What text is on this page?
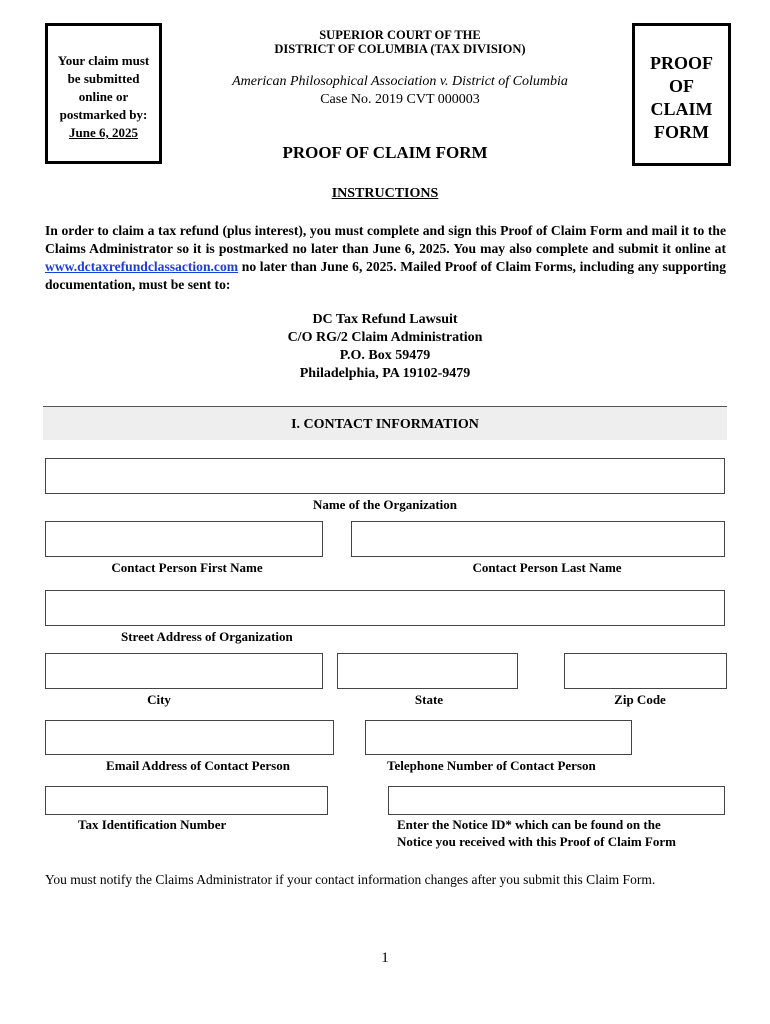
Your claim must
be submitted
online or
postmarked by:
June 6, 2025
SUPERIOR COURT OF THE
DISTRICT OF COLUMBIA (TAX DIVISION)
American Philosophical Association v. District of Columbia
Case No. 2019 CVT 000003
PROOF
OF
CLAIM
FORM
PROOF OF CLAIM FORM
INSTRUCTIONS
In order to claim a tax refund (plus interest), you must complete and sign this Proof of Claim Form and mail it to the Claims Administrator so it is postmarked no later than June 6, 2025. You may also complete and submit it online at www.dctaxrefundclassaction.com no later than June 6, 2025. Mailed Proof of Claim Forms, including any supporting documentation, must be sent to:
DC Tax Refund Lawsuit
C/O RG/2 Claim Administration
P.O. Box 59479
Philadelphia, PA 19102-9479
I. CONTACT INFORMATION
Name of the Organization
Contact Person First Name	Contact Person Last Name
Street Address of Organization
City	State	Zip Code
Email Address of Contact Person	Telephone Number of Contact Person
Tax Identification Number	Enter the Notice ID* which can be found on the
Notice you received with this Proof of Claim Form
You must notify the Claims Administrator if your contact information changes after you submit this Claim Form.
1
